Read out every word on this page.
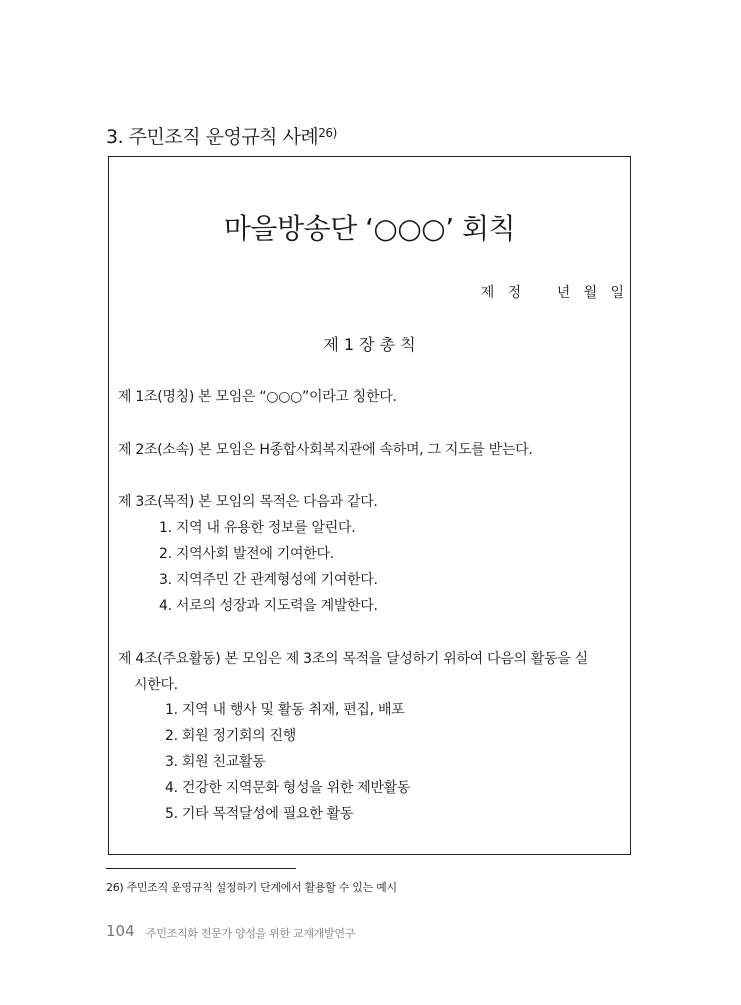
3. 주민조직 운영규칙 사례$^{26)}$
마을방송단 ‘○○○’ 회칙
제   정        년   월   일
제 1 장 총 칙
제 1조(명칭) 본 모임은 “○○○”이라고 칭한다.
제 2조(소속) 본 모임은 H종합사회복지관에 속하며, 그 지도를 받는다.
제 3조(목적) 본 모임의 목적은 다음과 같다.
1. 지역 내 유용한 정보를 알린다.
2. 지역사회 발전에 기여한다.
3. 지역주민 간 관계형성에 기여한다.
4. 서로의 성장과 지도력을 계발한다.
제 4조(주요활동) 본 모임은 제 3조의 목적을 달성하기 위하여 다음의 활동을 실
시한다.
1. 지역 내 행사 및 활동 취재, 편집, 배포
2. 회원 정기회의 진행
3. 회원 친교활동
4. 건강한 지역문화 형성을 위한 제반활동
5. 기타 목적달성에 필요한 활동
26) 주민조직 운영규칙 설정하기 단계에서 활용할 수 있는 예시
104 주민조직화 전문가 양성을 위한 교재개발연구
